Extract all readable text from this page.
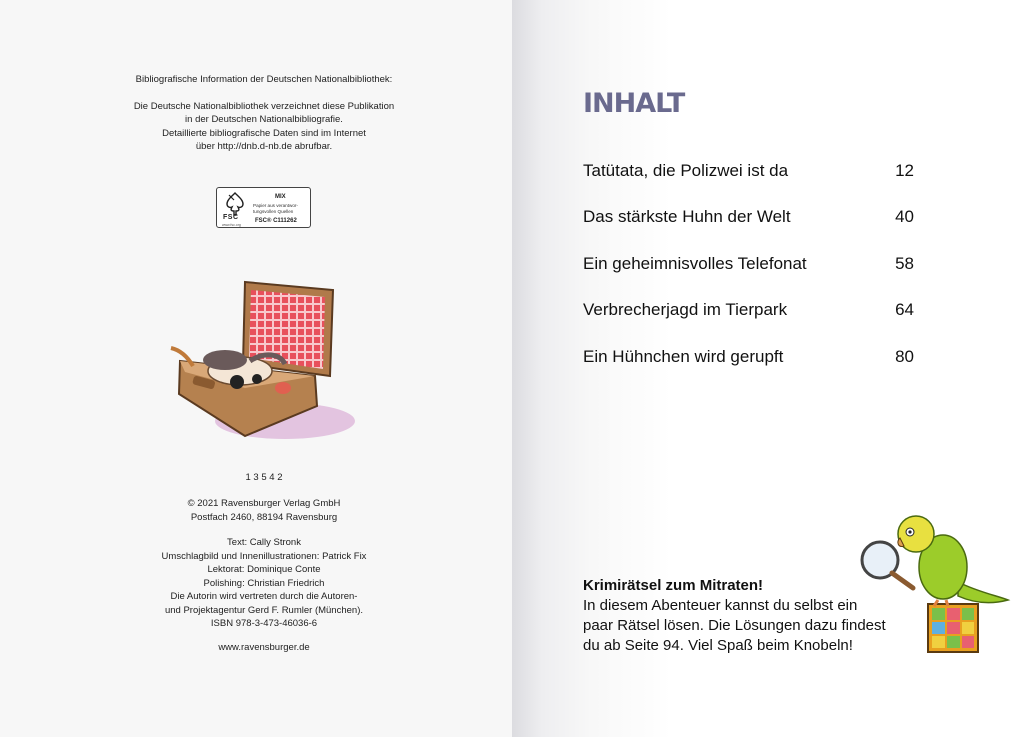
Bibliografische Information der Deutschen Nationalbibliothek:
Die Deutsche Nationalbibliothek verzeichnet diese Publikation
in der Deutschen Nationalbibliografie.
Detaillierte bibliografische Daten sind im Internet
über http://dnb.d-nb.de abrufbar.
FSC
MIX
Papier aus verantwor-
tungsvollen Quellen
FSC® C111262
www.fsc.org
1 3 5 4 2
© 2021 Ravensburger Verlag GmbH
Postfach 2460, 88194 Ravensburg
Text: Cally Stronk
Umschlagbild und Innenillustrationen: Patrick Fix
Lektorat: Dominique Conte
Polishing: Christian Friedrich
Die Autorin wird vertreten durch die Autoren-
und Projektagentur Gerd F. Rumler (München).
ISBN 978-3-473-46036-6
www.ravensburger.de
INHALT
Tatütata, die Polizwei ist da	12
Das stärkste Huhn der Welt	40
Ein geheimnisvolles Telefonat	58
Verbrecherjagd im Tierpark	64
Ein Hühnchen wird gerupft	80
Krimirätsel zum Mitraten!
In diesem Abenteuer kannst du selbst ein
paar Rätsel lösen. Die Lösungen dazu findest
du ab Seite 94. Viel Spaß beim Knobeln!
